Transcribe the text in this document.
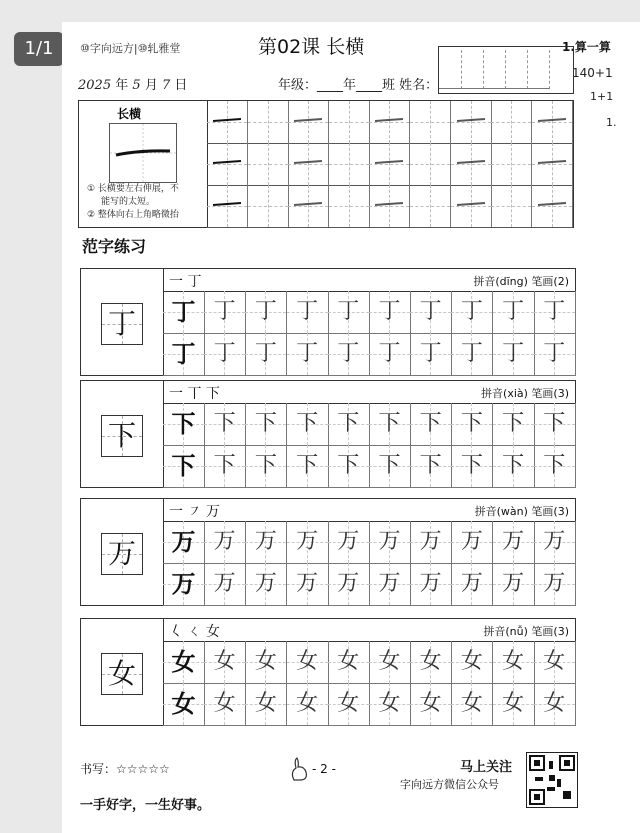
1/1	⑩字向远方|⑩轧雅堂	第02课 长横	1.算一算
140+1
1+1
1.
2025 年 5 月 7 日	年级：____年____班 姓名：
长横
① 长横要左右伸展，不
能写的太短。
② 整体向右上角略微抬
范字练习
丁
一 丁	拼音(dīng) 笔画(2)
丁 丁 丁 丁 丁 丁 丁 丁 丁 丁
丁 丁 丁 丁 丁 丁 丁 丁 丁 丁
下
一 丅 下	拼音(xià) 笔画(3)
下 下 下 下 下 下 下 下 下 下
下 下 下 下 下 下 下 下 下 下
万
一 ㇇ 万	拼音(wàn) 笔画(3)
万 万 万 万 万 万 万 万 万 万
万 万 万 万 万 万 万 万 万 万
女
𡿨 ㄑ 女	拼音(nǚ) 笔画(3)
女 女 女 女 女 女 女 女 女 女
女 女 女 女 女 女 女 女 女 女
书写：☆☆☆☆☆	- 2 -
一手好字，一生好事。
马上关注
字向远方微信公众号
